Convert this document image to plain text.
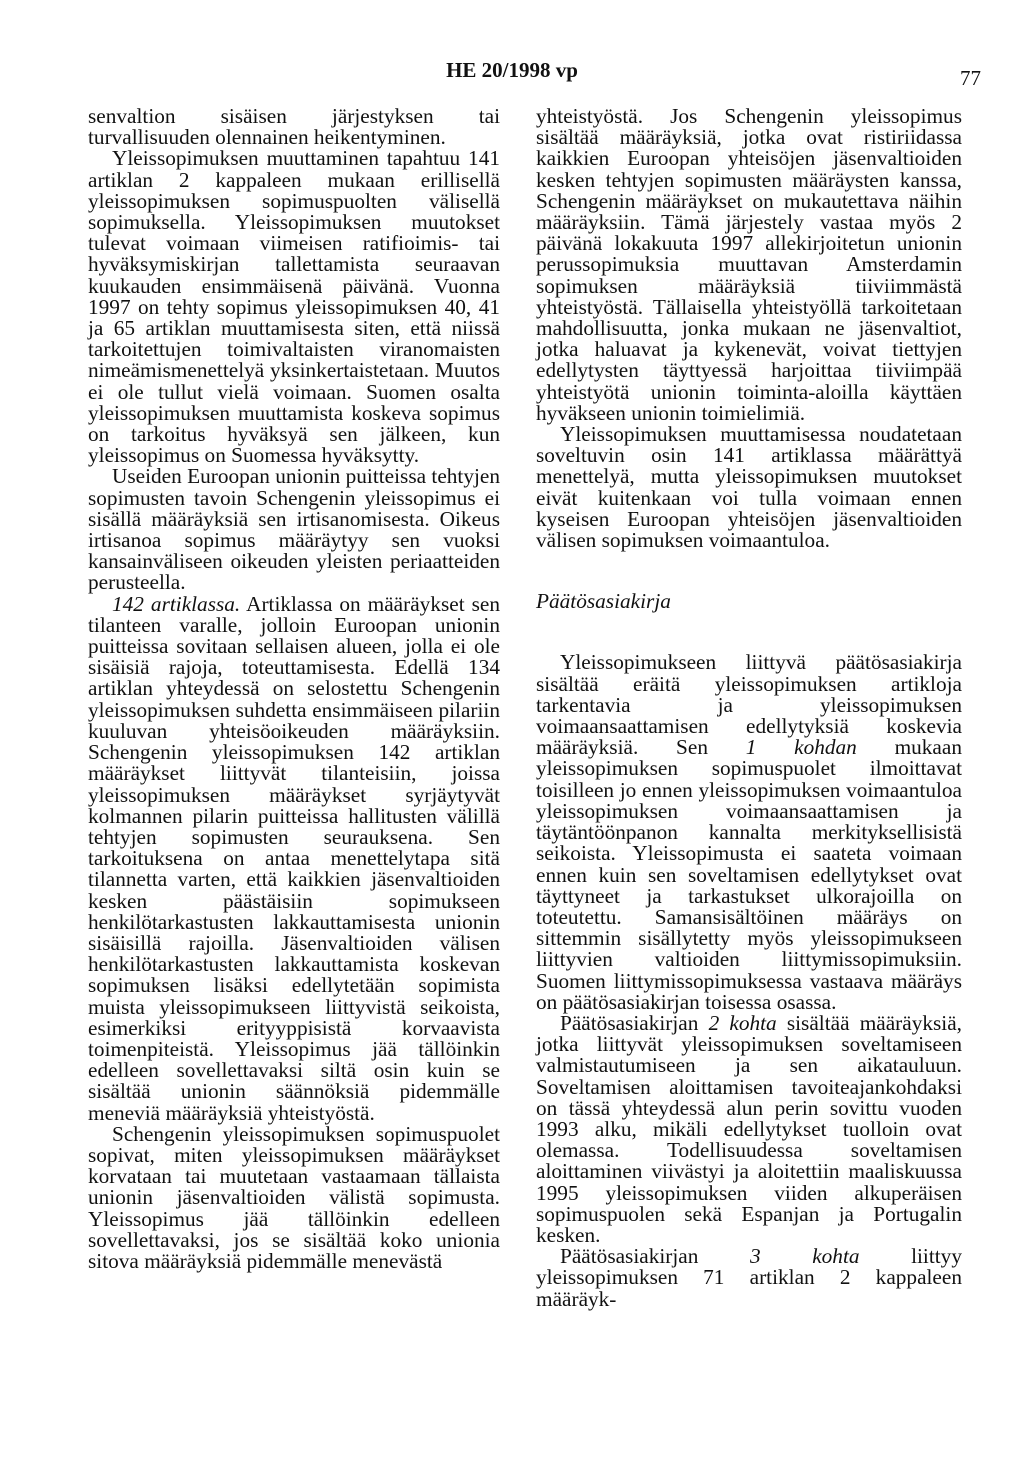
HE 20/1998 vp	77

senvaltion sisäisen järjestyksen tai turvallisuuden olennainen heikentyminen.

Yleissopimuksen muuttaminen tapahtuu 141 artiklan 2 kappaleen mukaan erillisellä yleissopimuksen sopimuspuolten välisellä sopimuksella. Yleissopimuksen muutokset tulevat voimaan viimeisen ratifioimis- tai hyväksymiskirjan tallettamista seuraavan kuukauden ensimmäisenä päivänä. Vuonna 1997 on tehty sopimus yleissopimuksen 40, 41 ja 65 artiklan muuttamisesta siten, että niissä tarkoitettujen toimivaltaisten viranomaisten nimeämismenettelyä yksinkertaistetaan. Muutos ei ole tullut vielä voimaan. Suomen osalta yleissopimuksen muuttamista koskeva sopimus on tarkoitus hyväksyä sen jälkeen, kun yleissopimus on Suomessa hyväksytty.

Useiden Euroopan unionin puitteissa tehtyjen sopimusten tavoin Schengenin yleissopimus ei sisällä määräyksiä sen irtisanomisesta. Oikeus irtisanoa sopimus määräytyy sen vuoksi kansainväliseen oikeuden yleisten periaatteiden perusteella.

142 artiklassa. Artiklassa on määräykset sen tilanteen varalle, jolloin Euroopan unionin puitteissa sovitaan sellaisen alueen, jolla ei ole sisäisiä rajoja, toteuttamisesta. Edellä 134 artiklan yhteydessä on selostettu Schengenin yleissopimuksen suhdetta ensimmäiseen pilariin kuuluvan yhteisöoikeuden määräyksiin. Schengenin yleissopimuksen 142 artiklan määräykset liittyvät tilanteisiin, joissa yleissopimuksen määräykset syrjäytyvät kolmannen pilarin puitteissa hallitusten välillä tehtyjen sopimusten seurauksena. Sen tarkoituksena on antaa menettelytapa sitä tilannetta varten, että kaikkien jäsenvaltioiden kesken päästäisiin sopimukseen henkilötarkastusten lakkauttamisesta unionin sisäisillä rajoilla. Jäsenvaltioiden välisen henkilötarkastusten lakkauttamista koskevan sopimuksen lisäksi edellytetään sopimista muista yleissopimukseen liittyvistä seikoista, esimerkiksi erityyppisistä korvaavista toimenpiteistä. Yleissopimus jää tällöinkin edelleen sovellettavaksi siltä osin kuin se sisältää unionin säännöksiä pidemmälle meneviä määräyksiä yhteistyöstä.

Schengenin yleissopimuksen sopimuspuolet sopivat, miten yleissopimuksen määräykset korvataan tai muutetaan vastaamaan tällaista unionin jäsenvaltioiden välistä sopimusta. Yleissopimus jää tällöinkin edelleen sovellettavaksi, jos se sisältää koko unionia sitova määräyksiä pidemmälle menevästä

yhteistyöstä. Jos Schengenin yleissopimus sisältää määräyksiä, jotka ovat ristiriidassa kaikkien Euroopan yhteisöjen jäsenvaltioiden kesken tehtyjen sopimusten määräysten kanssa, Schengenin määräykset on mukautettava näihin määräyksiin. Tämä järjestely vastaa myös 2 päivänä lokakuuta 1997 allekirjoitetun unionin perussopimuksia muuttavan Amsterdamin sopimuksen määräyksiä tiiviimmästä yhteistyöstä. Tällaisella yhteistyöllä tarkoitetaan mahdollisuutta, jonka mukaan ne jäsenvaltiot, jotka haluavat ja kykenevät, voivat tiettyjen edellytysten täyttyessä harjoittaa tiiviimpää yhteistyötä unionin toiminta-aloilla käyttäen hyväkseen unionin toimielimiä.

Yleissopimuksen muuttamisessa noudatetaan soveltuvin osin 141 artiklassa määrättyä menettelyä, mutta yleissopimuksen muutokset eivät kuitenkaan voi tulla voimaan ennen kyseisen Euroopan yhteisöjen jäsenvaltioiden välisen sopimuksen voimaantuloa.

Päätösasiakirja

Yleissopimukseen liittyvä päätösasiakirja sisältää eräitä yleissopimuksen artikloja tarkentavia ja yleissopimuksen voimaansaattamisen edellytyksiä koskevia määräyksiä. Sen 1 kohdan mukaan yleissopimuksen sopimuspuolet ilmoittavat toisilleen jo ennen yleissopimuksen voimaantuloa yleissopimuksen voimaansaattamisen ja täytäntöönpanon kannalta merkityksellisistä seikoista. Yleissopimusta ei saateta voimaan ennen kuin sen soveltamisen edellytykset ovat täyttyneet ja tarkastukset ulkorajoilla on toteutettu. Samansisältöinen määräys on sittemmin sisällytetty myös yleissopimukseen liittyvien valtioiden liittymissopimuksiin. Suomen liittymissopimuksessa vastaava määräys on päätösasiakirjan toisessa osassa.

Päätösasiakirjan 2 kohta sisältää määräyksiä, jotka liittyvät yleissopimuksen soveltamiseen valmistautumiseen ja sen aikatauluun. Soveltamisen aloittamisen tavoiteajankohdaksi on tässä yhteydessä alun perin sovittu vuoden 1993 alku, mikäli edellytykset tuolloin ovat olemassa. Todellisuudessa soveltamisen aloittaminen viivästyi ja aloitettiin maaliskuussa 1995 yleissopimuksen viiden alkuperäisen sopimuspuolen sekä Espanjan ja Portugalin kesken.

Päätösasiakirjan 3 kohta liittyy yleissopimuksen 71 artiklan 2 kappaleen määräyk-
